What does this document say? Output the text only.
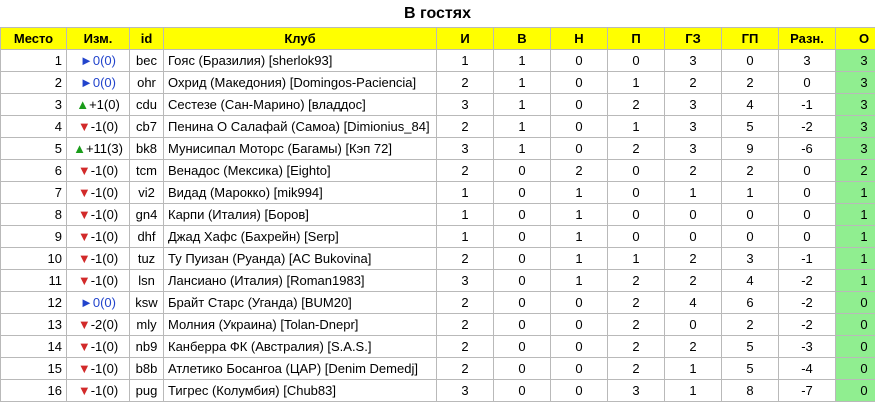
В гостях
Место	Изм.	id	Клуб	И	В	Н	П	ГЗ	ГП	Разн.	О
1	►0(0)	bec	Гояс (Бразилия) [sherlok93]	1	1	0	0	3	0	3	3
2	►0(0)	ohr	Охрид (Македония) [Domingos-Paciencia]	2	1	0	1	2	2	0	3
3	▲+1(0)	cdu	Сестезе (Сан-Марино) [владдос]	3	1	0	2	3	4	-1	3
4	▼-1(0)	cb7	Пенина О Салафай (Самоа) [Dimionius_84]	2	1	0	1	3	5	-2	3
5	▲+11(3)	bk8	Мунисипал Моторс (Багамы) [Кэп 72]	3	1	0	2	3	9	-6	3
6	▼-1(0)	tcm	Венадос (Мексика) [Eighto]	2	0	2	0	2	2	0	2
7	▼-1(0)	vi2	Видад (Марокко) [mik994]	1	0	1	0	1	1	0	1
8	▼-1(0)	gn4	Карпи (Италия) [Боров]	1	0	1	0	0	0	0	1
9	▼-1(0)	dhf	Джад Хафс (Бахрейн) [Serp]	1	0	1	0	0	0	0	1
10	▼-1(0)	tuz	Ту Пуизан (Руанда) [AC Bukovina]	2	0	1	1	2	3	-1	1
11	▼-1(0)	lsn	Лансиано (Италия) [Roman1983]	3	0	1	2	2	4	-2	1
12	►0(0)	ksw	Брайт Старс (Уганда) [BUM20]	2	0	0	2	4	6	-2	0
13	▼-2(0)	mly	Молния (Украина) [Tolan-Dnepr]	2	0	0	2	0	2	-2	0
14	▼-1(0)	nb9	Канберра ФК (Австралия) [S.A.S.]	2	0	0	2	2	5	-3	0
15	▼-1(0)	b8b	Атлетико Босангоа (ЦАР) [Denim Demedj]	2	0	0	2	1	5	-4	0
16	▼-1(0)	pug	Тигрес (Колумбия) [Chub83]	3	0	0	3	1	8	-7	0
